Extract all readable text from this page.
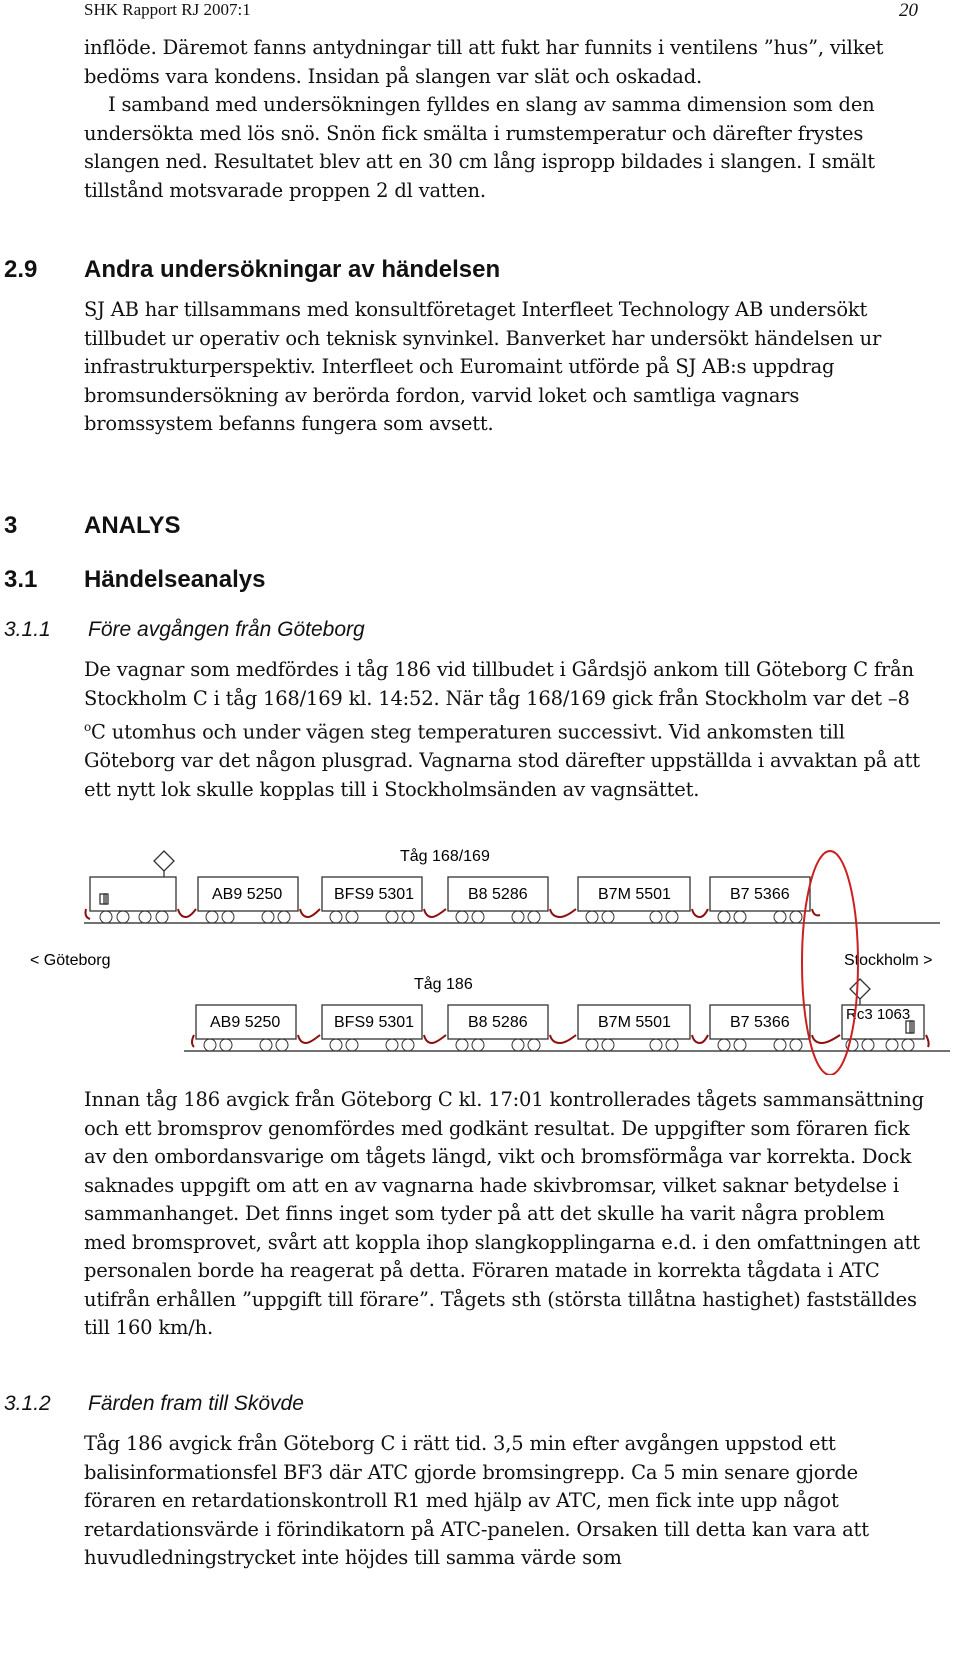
SHK Rapport RJ 2007:1	20

inflöde. Däremot fanns antydningar till att fukt har funnits i ventilens ”hus”, vilket bedöms vara kondens. Insidan på slangen var slät och oskadad.

I samband med undersökningen fylldes en slang av samma dimension som den undersökta med lös snö. Snön fick smälta i rumstemperatur och därefter frystes slangen ned. Resultatet blev att en 30 cm lång ispropp bildades i slangen. I smält tillstånd motsvarade proppen 2 dl vatten.

2.9 Andra undersökningar av händelsen
SJ AB har tillsammans med konsultföretaget Interfleet Technology AB undersökt tillbudet ur operativ och teknisk synvinkel. Banverket har undersökt händelsen ur infrastrukturperspektiv. Interfleet och Euromaint utförde på SJ AB:s uppdrag bromsundersökning av berörda fordon, varvid loket och samtliga vagnars bromssystem befanns fungera som avsett.
3	ANALYS
3.1 Händelseanalys
3.1.1 Före avgången från Göteborg
De vagnar som medfördes i tåg 186 vid tillbudet i Gårdsjö ankom till Göteborg C från Stockholm C i tåg 168/169 kl. 14:52. När tåg 168/169 gick från Stockholm var det –8 $^o$C utomhus och under vägen steg temperaturen successivt. Vid ankomsten till Göteborg var det någon plusgrad. Vagnarna stod därefter uppställda i avvaktan på att ett nytt lok skulle kopplas till i Stockholmsänden av vagnsättet.
Tåg 168/169
AB9 5250	BFS9 5301	B8 5286	B7M 5501	B7 5366
< Göteborg	Stockholm >
Tåg 186
AB9 5250	BFS9 5301	B8 5286	B7M 5501	B7 5366	Rc3 1063
Innan tåg 186 avgick från Göteborg C kl. 17:01 kontrollerades tågets sammansättning och ett bromsprov genomfördes med godkänt resultat. De uppgifter som föraren fick av den ombordansvarige om tågets längd, vikt och bromsförmåga var korrekta. Dock saknades uppgift om att en av vagnarna hade skivbromsar, vilket saknar betydelse i sammanhanget. Det finns inget som tyder på att det skulle ha varit några problem med bromsprovet, svårt att koppla ihop slangkopplingarna e.d. i den omfattningen att personalen borde ha reagerat på detta. Föraren matade in korrekta tågdata i ATC utifrån erhållen ”uppgift till förare”. Tågets sth (största tillåtna hastighet) fastställdes till 160 km/h.
3.1.2 Färden fram till Skövde
Tåg 186 avgick från Göteborg C i rätt tid. 3,5 min efter avgången uppstod ett balisinformationsfel BF3 där ATC gjorde bromsingrepp. Ca 5 min senare gjorde föraren en retardationskontroll R1 med hjälp av ATC, men fick inte upp något retardationsvärde i förindikatorn på ATC-panelen. Orsaken till detta kan vara att huvudledningstrycket inte höjdes till samma värde som
